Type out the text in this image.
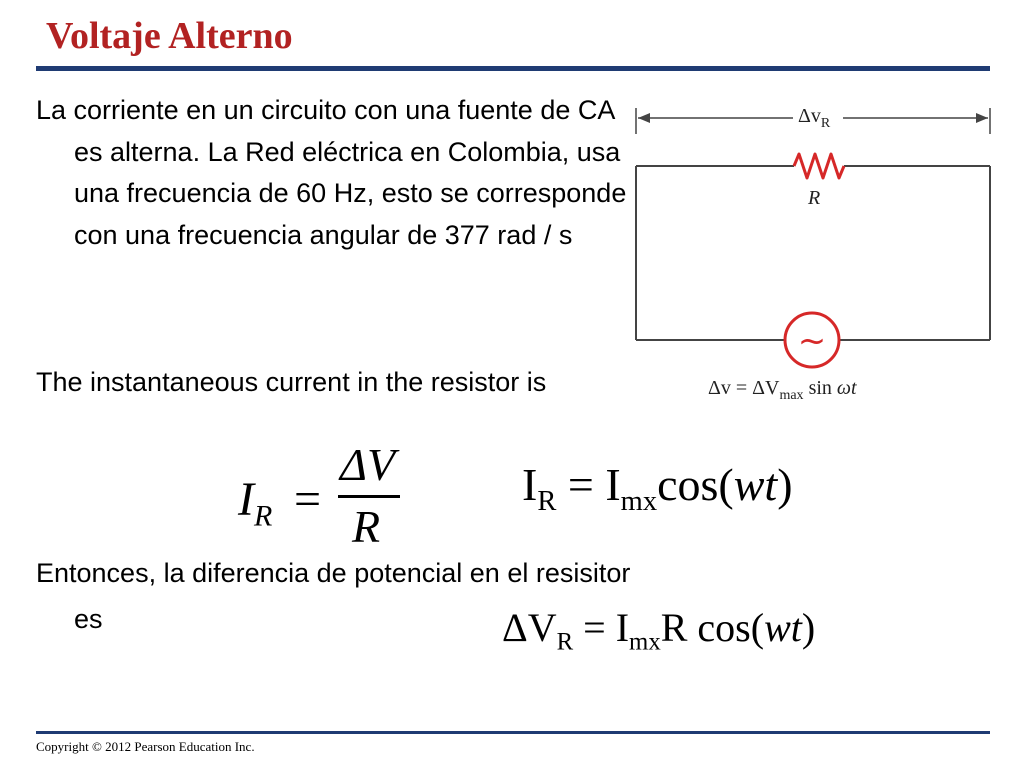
Voltaje Alterno

La corriente en un circuito con una fuente de CA es alterna. La Red eléctrica en Colombia, usa una frecuencia de 60 Hz, esto se corresponde con una frecuencia angular de 377 rad / s

The instantaneous current in the resistor is

Entonces, la diferencia de potencial en el resisitor es

$I_R$ =
ΔV
R
$I_R = I_{mx}\cos(wt)$
$\Delta V_R = I_{mx}R$ cos(wt)
$\Delta v_R$
R
~
$\Delta v = \Delta V_{max}$ sin ωt
Copyright © 2012 Pearson Education Inc.
